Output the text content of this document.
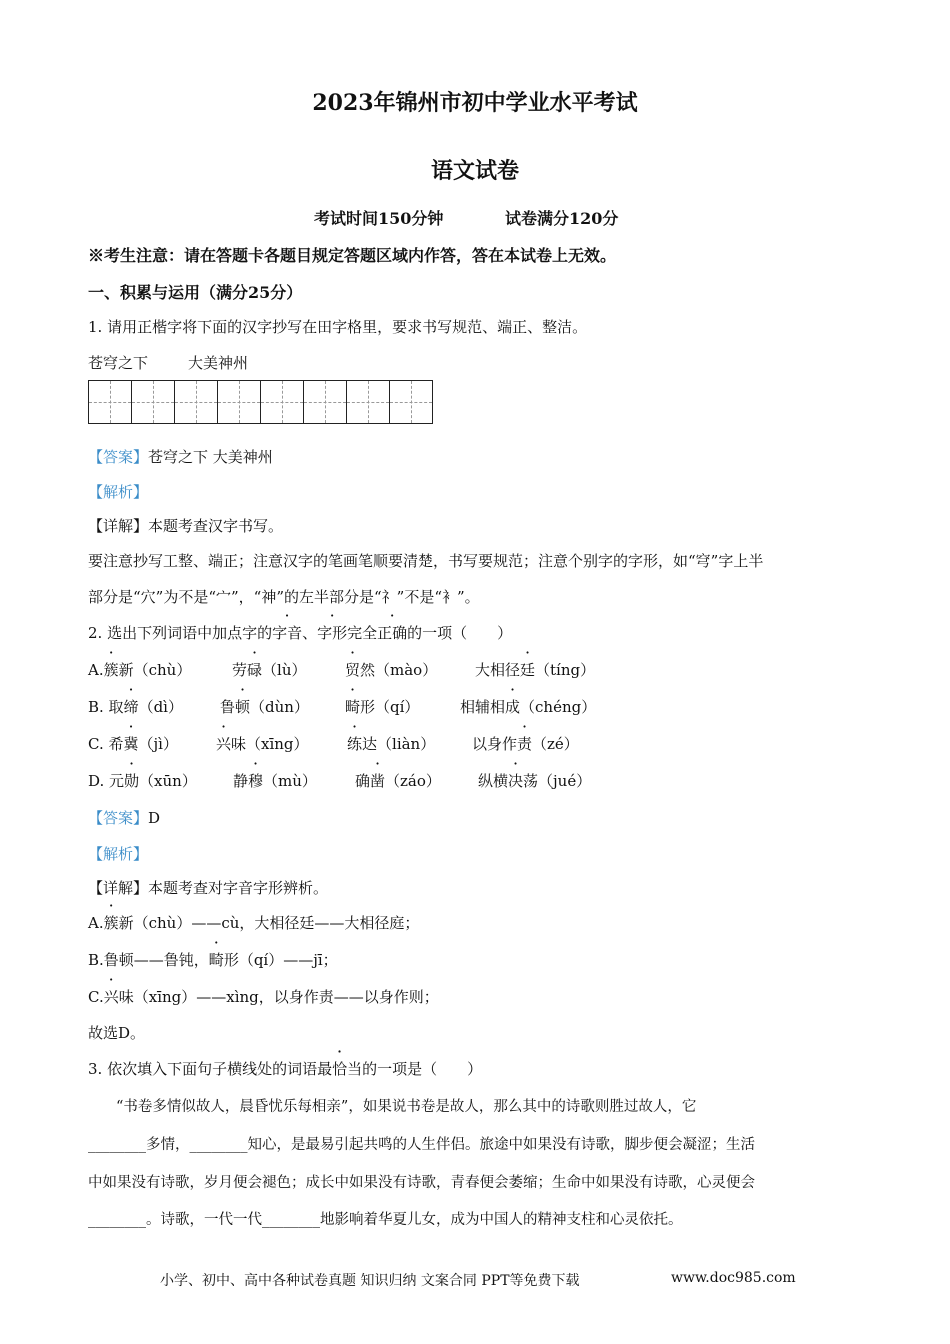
2023年锦州市初中学业水平考试
语文试卷
考试时间150分钟	试卷满分120分
※考生注意：请在答题卡各题目规定答题区域内作答，答在本试卷上无效。
一、积累与运用（满分25分）
1. 请用正楷字将下面的汉字抄写在田字格里，要求书写规范、端正、整洁。
苍穹之下	大美神州
【答案】苍穹之下 大美神州
【解析】
【详解】本题考查汉字书写。
要注意抄写工整、端正；注意汉字的笔画笔顺要清楚，书写要规范；注意个别字的字形，如“穹”字上半
部分是“穴”为不是“宀”，“神”的左半部分是“礻”不是“衤”。
2. 选出下列词语中加点字的字音、字形完全正确的一项（　　）
A.簇新（chù）	劳碌（lù）	贸然（mào）	大相径廷（tíng）
B. 取缔（dì） 鲁顿（dùn） 畸形（qí）	相辅相成（chéng）
C. 希冀（jì）	兴味（xīng）	练达（liàn） 以身作责（zé）
D. 元勋（xūn） 静穆（mù）	确凿（záo） 纵横决荡（jué）
【答案】D
【解析】
【详解】本题考查对字音字形辨析。
A.簇新（chù）——cù，大相径廷——大相径庭；
B.鲁顿——鲁钝，畸形（qí）——jī；
C.兴味（xīng）——xìng，以身作责——以身作则；
故选D。
3. 依次填入下面句子横线处的词语最恰当的一项是（　　）
“书卷多情似故人，晨昏忧乐每相亲”，如果说书卷是故人，那么其中的诗歌则胜过故人，它
________多情，________知心，是最易引起共鸣的人生伴侣。旅途中如果没有诗歌，脚步便会凝涩；生活
中如果没有诗歌，岁月便会褪色；成长中如果没有诗歌，青春便会萎缩；生命中如果没有诗歌，心灵便会
________。诗歌，一代一代________地影响着华夏儿女，成为中国人的精神支柱和心灵依托。
小学、初中、高中各种试卷真题 知识归纳 文案合同 PPT等免费下载	www.doc985.com
